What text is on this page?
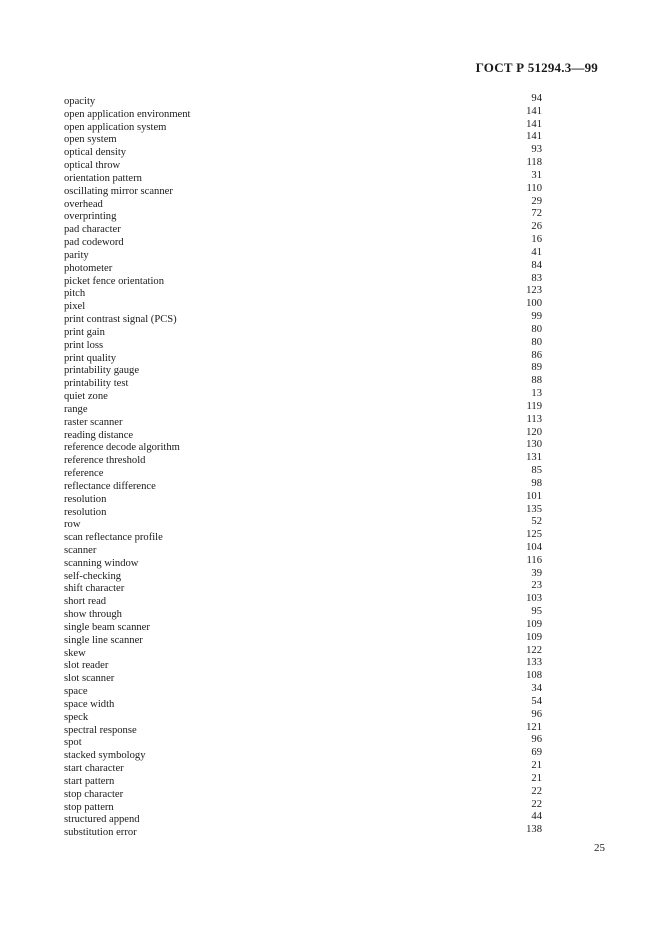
ГОСТ Р 51294.3—99
opacity	94
open application environment	141
open application system	141
open system	141
optical density	93
optical throw	118
orientation pattern	31
oscillating mirror scanner	110
overhead	29
overprinting	72
pad character	26
pad codeword	16
parity	41
photometer	84
picket fence orientation	83
pitch	123
pixel	100
print contrast signal (PCS)	99
print gain	80
print loss	80
print quality	86
printability gauge	89
printability test	88
quiet zone	13
range	119
raster scanner	113
reading distance	120
reference decode algorithm	130
reference threshold	131
reference	85
reflectance difference	98
resolution	101
resolution	135
row	52
scan reflectance profile	125
scanner	104
scanning window	116
self-checking	39
shift character	23
short read	103
show through	95
single beam scanner	109
single line scanner	109
skew	122
slot reader	133
slot scanner	108
space	34
space width	54
speck	96
spectral response	121
spot	96
stacked symbology	69
start character	21
start pattern	21
stop character	22
stop pattern	22
structured append	44
substitution error	138
25
